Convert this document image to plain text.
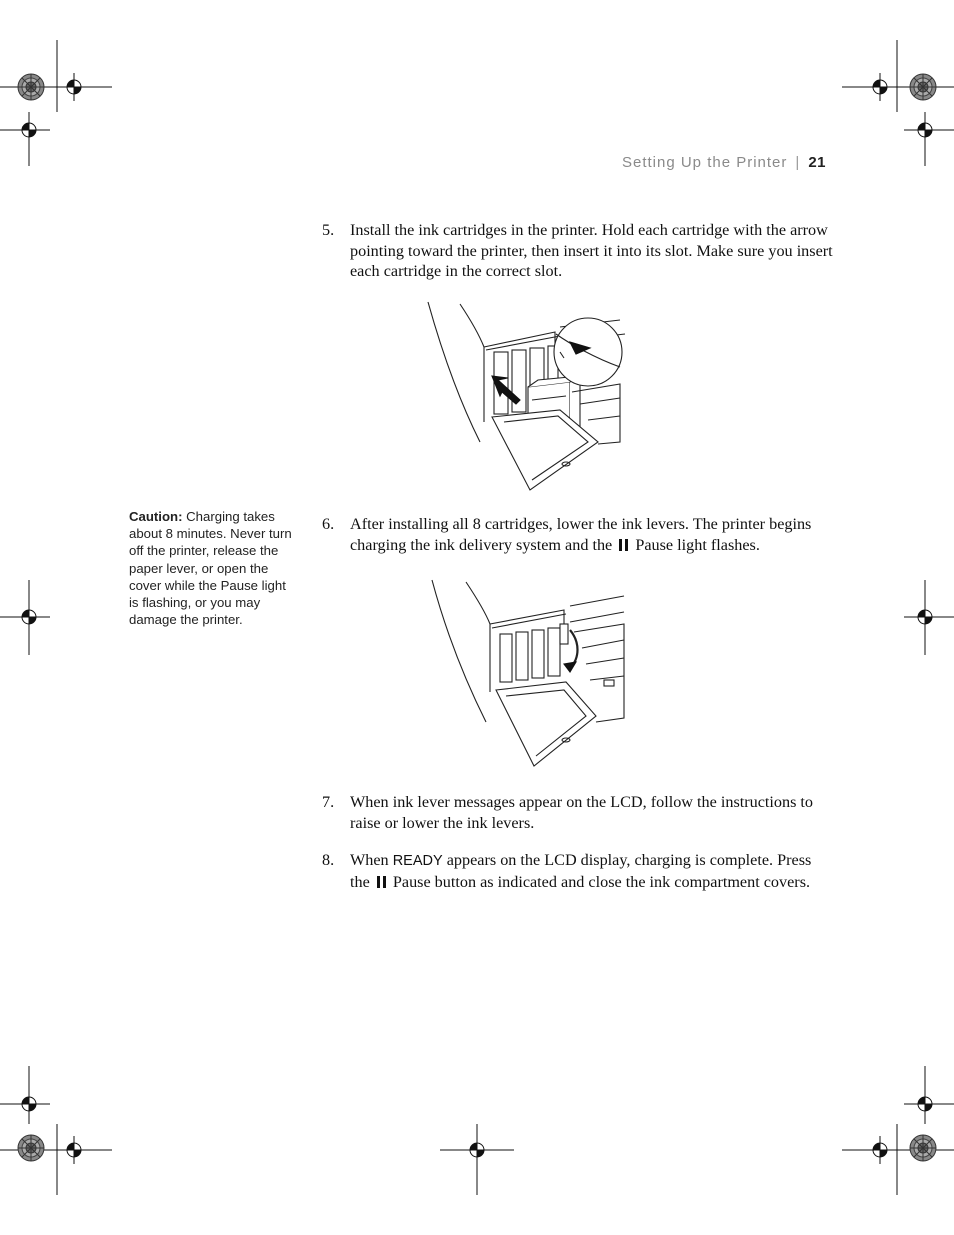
Setting Up the Printer | 21
5. Install the ink cartridges in the printer. Hold each cartridge with the arrow pointing toward the printer, then insert it into its slot. Make sure you insert each cartridge in the correct slot.
6. After installing all 8 cartridges, lower the ink levers. The printer begins charging the ink delivery system and the Pause light flashes.
Caution: Charging takes about 8 minutes. Never turn off the printer, release the paper lever, or open the cover while the Pause light is flashing, or you may damage the printer.
7. When ink lever messages appear on the LCD, follow the instructions to raise or lower the ink levers.
8. When READY appears on the LCD display, charging is complete. Press the Pause button as indicated and close the ink compartment covers.
